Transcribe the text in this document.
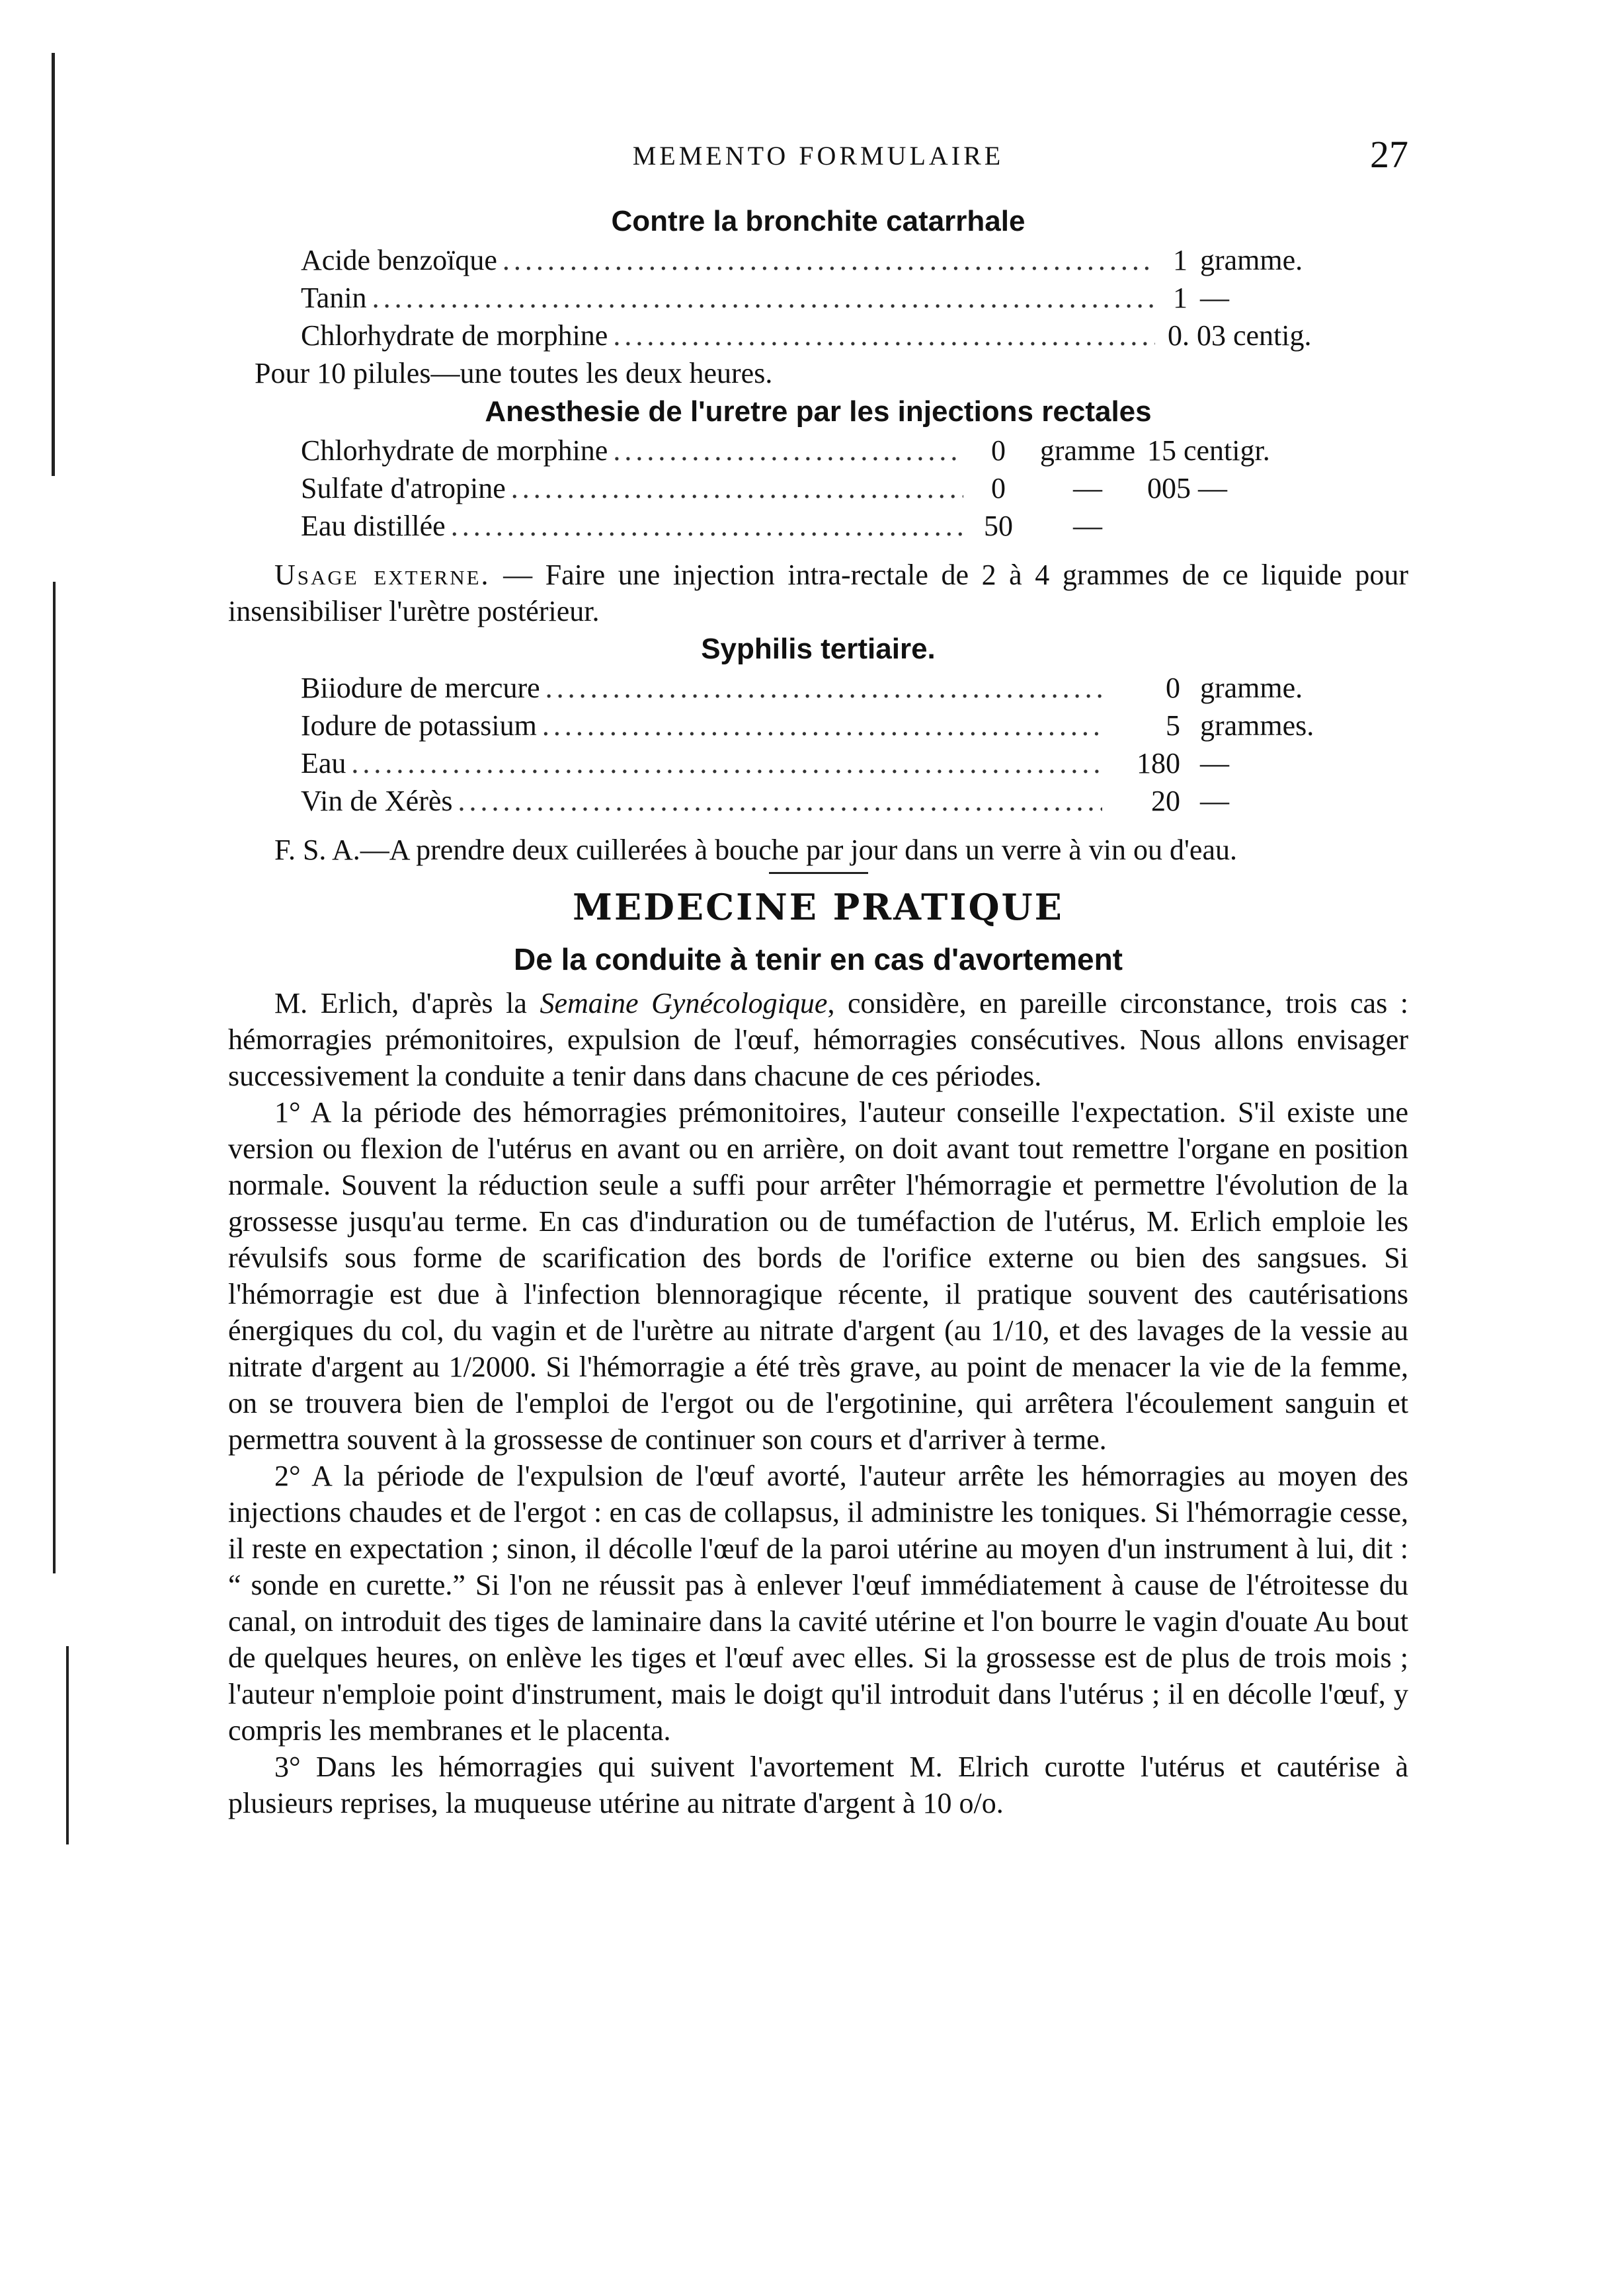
MEMENTO FORMULAIRE	27
Contre la bronchite catarrhale
Acide benzoïque .....	1 gramme.
Tanin .....	1 —
Chlorhydrate de morphine .....	0. 03 centig.

Pour 10 pilules—une toutes les deux heures.

Anesthesie de l'uretre par les injections rectales
Chlorhydrate de morphine .....	0 gramme 15 centigr.
Sulfate d'atropine .....	0 — 005 —
Eau distillée .....	50 —

Usage externe. — Faire une injection intra-rectale de 2 à 4 grammes de ce liquide pour insensibiliser l'urètre postérieur.

Syphilis tertiaire.
Biiodure de mercure .....	0 gramme.
Iodure de potassium .....	5 grammes.
Eau .....	180 —
Vin de Xérès .....	20 —

F. S. A.—A prendre deux cuillerées à bouche par jour dans un verre à vin ou d'eau.

MEDECINE PRATIQUE
De la conduite à tenir en cas d'avortement

M. Erlich, d'après la Semaine Gynécologique, considère, en pareille circonstance, trois cas : hémorragies prémonitoires, expulsion de l'œuf, hémorragies consécutives. Nous allons envisager successivement la conduite a tenir dans dans chacune de ces périodes.

1° A la période des hémorragies prémonitoires, l'auteur conseille l'expectation. S'il existe une version ou flexion de l'utérus en avant ou en arrière, on doit avant tout remettre l'organe en position normale. Souvent la réduction seule a suffi pour arrêter l'hémorragie et permettre l'évolution de la grossesse jusqu'au terme. En cas d'induration ou de tuméfaction de l'utérus, M. Erlich emploie les révulsifs sous forme de scarification des bords de l'orifice externe ou bien des sangsues. Si l'hémorragie est due à l'infection blennoragique récente, il pratique souvent des cautérisations énergiques du col, du vagin et de l'urètre au nitrate d'argent (au 1/10, et des lavages de la vessie au nitrate d'argent au 1/2000. Si l'hémorragie a été très grave, au point de menacer la vie de la femme, on se trouvera bien de l'emploi de l'ergot ou de l'ergotinine, qui arrêtera l'écoulement sanguin et permettra souvent à la grossesse de continuer son cours et d'arriver à terme.

2° A la période de l'expulsion de l'œuf avorté, l'auteur arrête les hémorragies au moyen des injections chaudes et de l'ergot : en cas de collapsus, il administre les toniques. Si l'hémorragie cesse, il reste en expectation ; sinon, il décolle l'œuf de la paroi utérine au moyen d'un instrument à lui, dit : “ sonde en curette.” Si l'on ne réussit pas à enlever l'œuf immédiatement à cause de l'étroitesse du canal, on introduit des tiges de laminaire dans la cavité utérine et l'on bourre le vagin d'ouate Au bout de quelques heures, on enlève les tiges et l'œuf avec elles. Si la grossesse est de plus de trois mois ; l'auteur n'emploie point d'instrument, mais le doigt qu'il introduit dans l'utérus ; il en décolle l'œuf, y compris les membranes et le placenta.

3° Dans les hémorragies qui suivent l'avortement M. Elrich curotte l'utérus et cautérise à plusieurs reprises, la muqueuse utérine au nitrate d'argent à 10 o/o.
